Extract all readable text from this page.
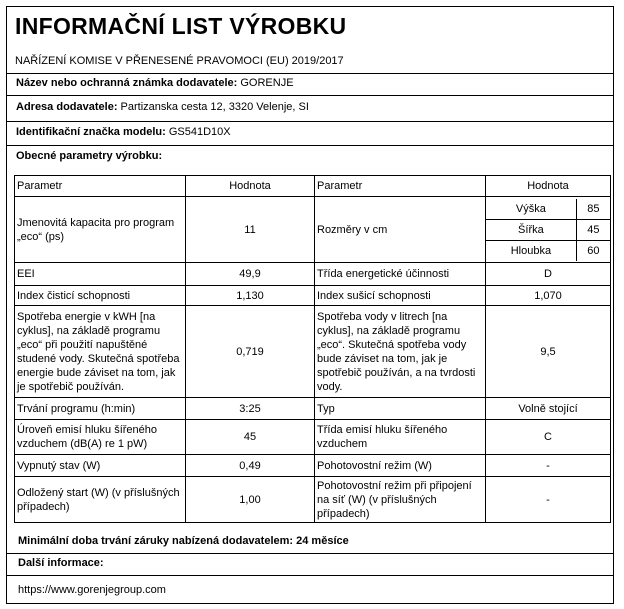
INFORMAČNÍ LIST VÝROBKU
NAŘÍZENÍ KOMISE V PŘENESENÉ PRAVOMOCI (EU) 2019/2017
Název nebo ochranná známka dodavatele: GORENJE
Adresa dodavatele: Partizanska cesta 12, 3320 Velenje, SI
Identifikační značka modelu: GS541D10X
Obecné parametry výrobku:
Parametr	Hodnota	Parametr	Hodnota
Jmenovitá kapacita pro program „eco“ (ps)	11	Rozměry v cm	
Výška	85
Šířka	45
Hloubka	60

EEI	49,9	Třída energetické účinnosti	D
Index čisticí schopnosti	1,130	Index sušicí schopnosti	1,070
Spotřeba energie v kWH [na cyklus], na základě programu „eco“ při použití napuštěné studené vody. Skutečná spotřeba energie bude záviset na tom, jak je spotřebič používán.	0,719	Spotřeba vody v litrech [na cyklus], na základě programu „eco“. Skutečná spotřeba vody bude záviset na tom, jak je spotřebič používán, a na tvrdosti vody.	9,5
Trvání programu (h:min)	3:25	Typ	Volně stojící
Úroveň emisí hluku šířeného vzduchem (dB(A) re 1 pW)	45	Třída emisí hluku šířeného vzduchem	C
Vypnutý stav (W)	0,49	Pohotovostní režim (W)	-
Odložený start (W) (v příslušných případech)	1,00	Pohotovostní režim při připojení na síť (W) (v příslušných případech)	-
Minimální doba trvání záruky nabízená dodavatelem: 24 měsíce
Další informace:
https://www.gorenjegroup.com
